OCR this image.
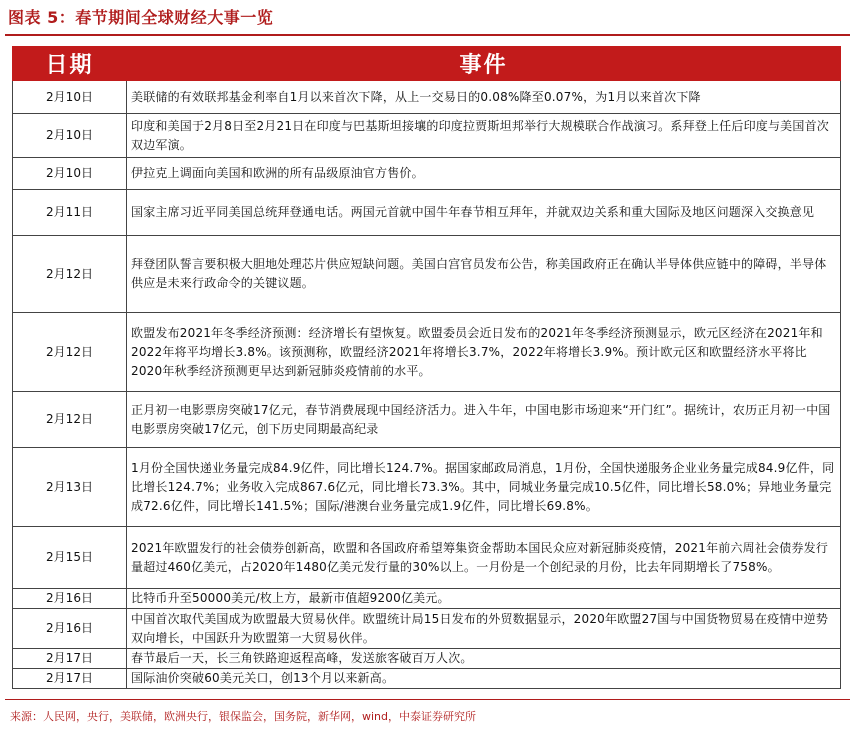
图表 5：春节期间全球财经大事一览
日期	事件
2月10日	美联储的有效联邦基金利率自1月以来首次下降，从上一交易日的0.08%降至0.07%，为1月以来首次下降
2月10日	印度和美国于2月8日至2月21日在印度与巴基斯坦接壤的印度拉贾斯坦邦举行大规模联合作战演习。系拜登上任后印度与美国首次双边军演。
2月10日	伊拉克上调面向美国和欧洲的所有品级原油官方售价。
2月11日	国家主席习近平同美国总统拜登通电话。两国元首就中国牛年春节相互拜年，并就双边关系和重大国际及地区问题深入交换意见
2月12日	拜登团队誓言要积极大胆地处理芯片供应短缺问题。美国白宫官员发布公告，称美国政府正在确认半导体供应链中的障碍，半导体供应是未来行政命令的关键议题。
2月12日	欧盟发布2021年冬季经济预测：经济增长有望恢复。欧盟委员会近日发布的2021年冬季经济预测显示，欧元区经济在2021年和2022年将平均增长3.8%。该预测称，欧盟经济2021年将增长3.7%，2022年将增长3.9%。预计欧元区和欧盟经济水平将比2020年秋季经济预测更早达到新冠肺炎疫情前的水平。
2月12日	正月初一电影票房突破17亿元，春节消费展现中国经济活力。进入牛年，中国电影市场迎来“开门红”。据统计，农历正月初一中国电影票房突破17亿元，创下历史同期最高纪录
2月13日	1月份全国快递业务量完成84.9亿件，同比增长124.7%。据国家邮政局消息，1月份，全国快递服务企业业务量完成84.9亿件，同比增长124.7%；业务收入完成867.6亿元，同比增长73.3%。其中，同城业务量完成10.5亿件，同比增长58.0%；异地业务量完成72.6亿件，同比增长141.5%；国际/港澳台业务量完成1.9亿件，同比增长69.8%。
2月15日	2021年欧盟发行的社会债券创新高，欧盟和各国政府希望筹集资金帮助本国民众应对新冠肺炎疫情，2021年前六周社会债券发行量超过460亿美元，占2020年1480亿美元发行量的30%以上。一月份是一个创纪录的月份，比去年同期增长了758%。
2月16日	比特币升至50000美元/枚上方，最新市值超9200亿美元。
2月16日	中国首次取代美国成为欧盟最大贸易伙伴。欧盟统计局15日发布的外贸数据显示，2020年欧盟27国与中国货物贸易在疫情中逆势双向增长，中国跃升为欧盟第一大贸易伙伴。
2月17日	春节最后一天，长三角铁路迎返程高峰，发送旅客破百万人次。
2月17日	国际油价突破60美元关口，创13个月以来新高。
来源：人民网，央行，美联储，欧洲央行，银保监会，国务院，新华网，wind，中泰证券研究所
